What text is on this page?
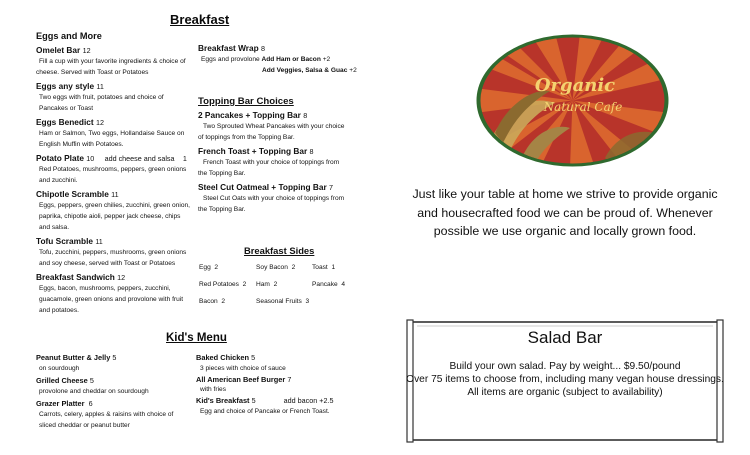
Breakfast
Eggs and More
Omelet Bar 12
Fill a cup with your favorite ingredients & choice of
cheese. Served with Toast or Potatoes
Eggs any style 11
Two eggs with fruit, potatoes and choice of
Pancakes or Toast
Eggs Benedict 12
Ham or Salmon, Two eggs, Hollandaise Sauce on
English Muffin with Potatoes.
Potato Plate 10 add cheese and salsa 1
Red Potatoes, mushrooms, peppers, green onions
and zucchini.
Chipotle Scramble 11
Eggs, peppers, green chilies, zucchini, green onion,
paprika, chipotle aioli, pepper jack cheese, chips
and salsa.
Tofu Scramble 11
Tofu, zucchini, peppers, mushrooms, green onions
and soy cheese, served with Toast or Potatoes
Breakfast Sandwich 12
Eggs, bacon, mushrooms, peppers, zucchini,
guacamole, green onions and provolone with fruit
and potatoes.
Breakfast Wrap 8
Eggs and provolone Add Ham or Bacon +2
Add Veggies, Salsa & Guac +2
Topping Bar Choices
2 Pancakes + Topping Bar 8
Two Sprouted Wheat Pancakes with your choice
of toppings from the Topping Bar.
French Toast + Topping Bar 8
French Toast with your choice of toppings from
the Topping Bar.
Steel Cut Oatmeal + Topping Bar 7
Steel Cut Oats with your choice of toppings from
the Topping Bar.
Breakfast Sides
Egg 2	Soy Bacon 2	Toast 1
Red Potatoes 2 Ham 2	Pancake 4
Bacon 2	Seasonal Fruits 3
Kid's Menu
Peanut Butter & Jelly 5
on sourdough
Grilled Cheese 5
provolone and cheddar on sourdough
Grazer Platter 6
Carrots, celery, apples & raisins with choice of
sliced cheddar or peanut butter
Baked Chicken 5
3 pieces with choice of sauce
All American Beef Burger 7
with fries
Kid's Breakfast 5	add bacon +2.5
Egg and choice of Pancake or French Toast.
Organic
Natural Cafe
Just like your table at home we strive to provide organic
and housecrafted food we can be proud of. Whenever
possible we use organic and locally grown food.
Salad Bar
Build your own salad. Pay by weight... $9.50/pound
Over 75 items to choose from, including many vegan house dressings.
All items are organic (subject to availability)
